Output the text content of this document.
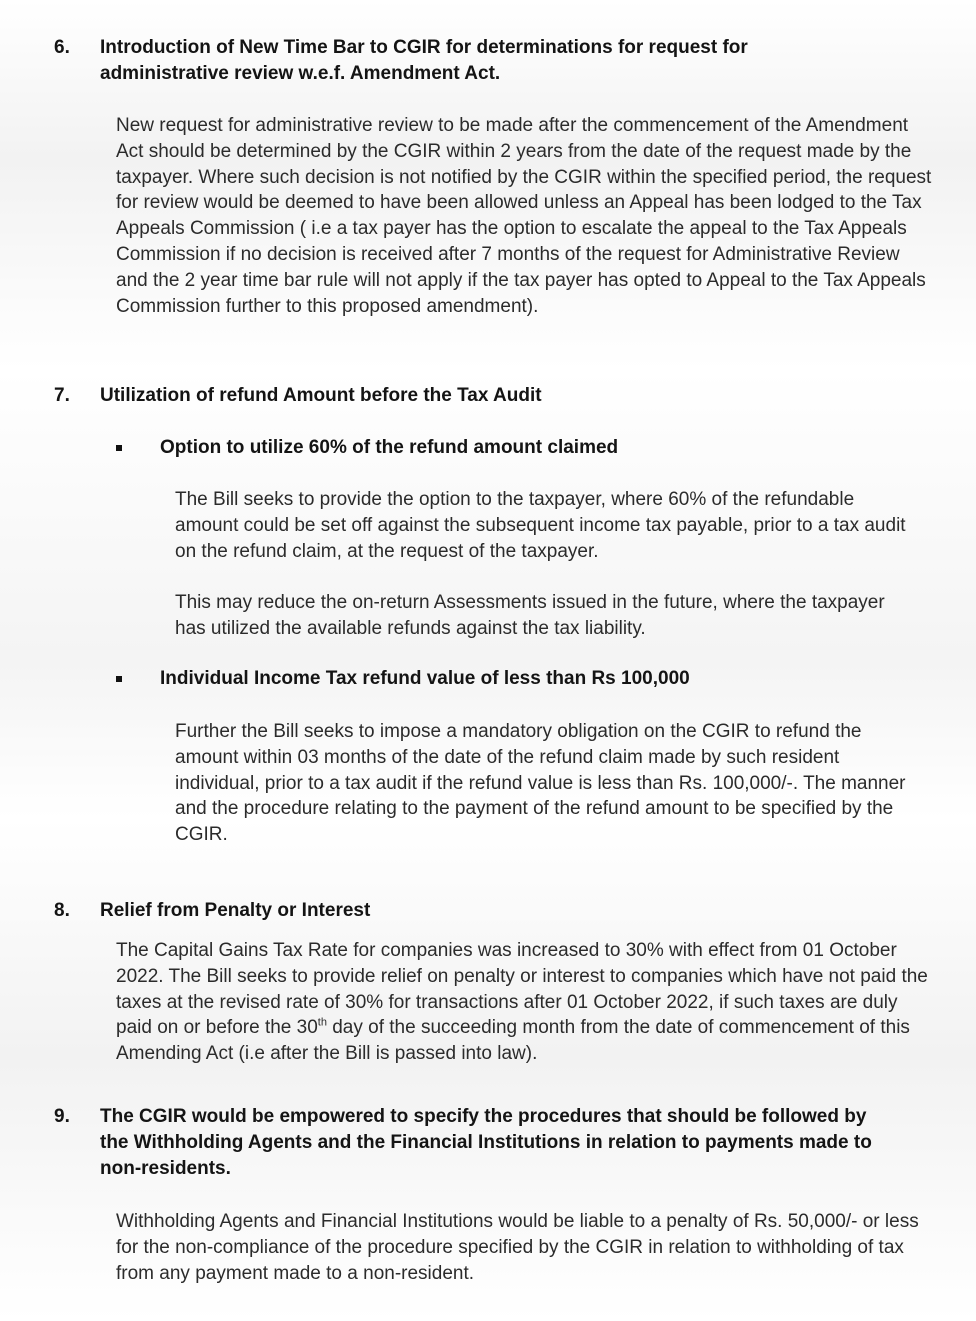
6. Introduction of New Time Bar to CGIR for determinations for request for
administrative review w.e.f. Amendment Act.
New request for administrative review to be made after the commencement of the Amendment Act should be determined by the CGIR within 2 years from the date of the request made by the taxpayer. Where such decision is not notified by the CGIR within the specified period, the request for review would be deemed to have been allowed unless an Appeal has been lodged to the Tax Appeals Commission ( i.e a tax payer has the option to escalate the appeal to the Tax Appeals Commission if no decision is received after 7 months of the request for Administrative Review and the 2 year time bar rule will not apply if the tax payer has opted to Appeal to the Tax Appeals Commission further to this proposed amendment).
7. Utilization of refund Amount before the Tax Audit
Option to utilize 60% of the refund amount claimed
The Bill seeks to provide the option to the taxpayer, where 60% of the refundable amount could be set off against the subsequent income tax payable, prior to a tax audit on the refund claim, at the request of the taxpayer.
This may reduce the on-return Assessments issued in the future, where the taxpayer has utilized the available refunds against the tax liability.
Individual Income Tax refund value of less than Rs 100,000
Further the Bill seeks to impose a mandatory obligation on the CGIR to refund the amount within 03 months of the date of the refund claim made by such resident individual, prior to a tax audit if the refund value is less than Rs. 100,000/-. The manner and the procedure relating to the payment of the refund amount to be specified by the CGIR.
8. Relief from Penalty or Interest
The Capital Gains Tax Rate for companies was increased to 30% with effect from 01 October 2022. The Bill seeks to provide relief on penalty or interest to companies which have not paid the taxes at the revised rate of 30% for transactions after 01 October 2022, if such taxes are duly paid on or before the 30th day of the succeeding month from the date of commencement of this Amending Act (i.e after the Bill is passed into law).
9. The CGIR would be empowered to specify the procedures that should be followed by
the Withholding Agents and the Financial Institutions in relation to payments made to
non-residents.
Withholding Agents and Financial Institutions would be liable to a penalty of Rs. 50,000/- or less for the non-compliance of the procedure specified by the CGIR in relation to withholding of tax from any payment made to a non-resident.
